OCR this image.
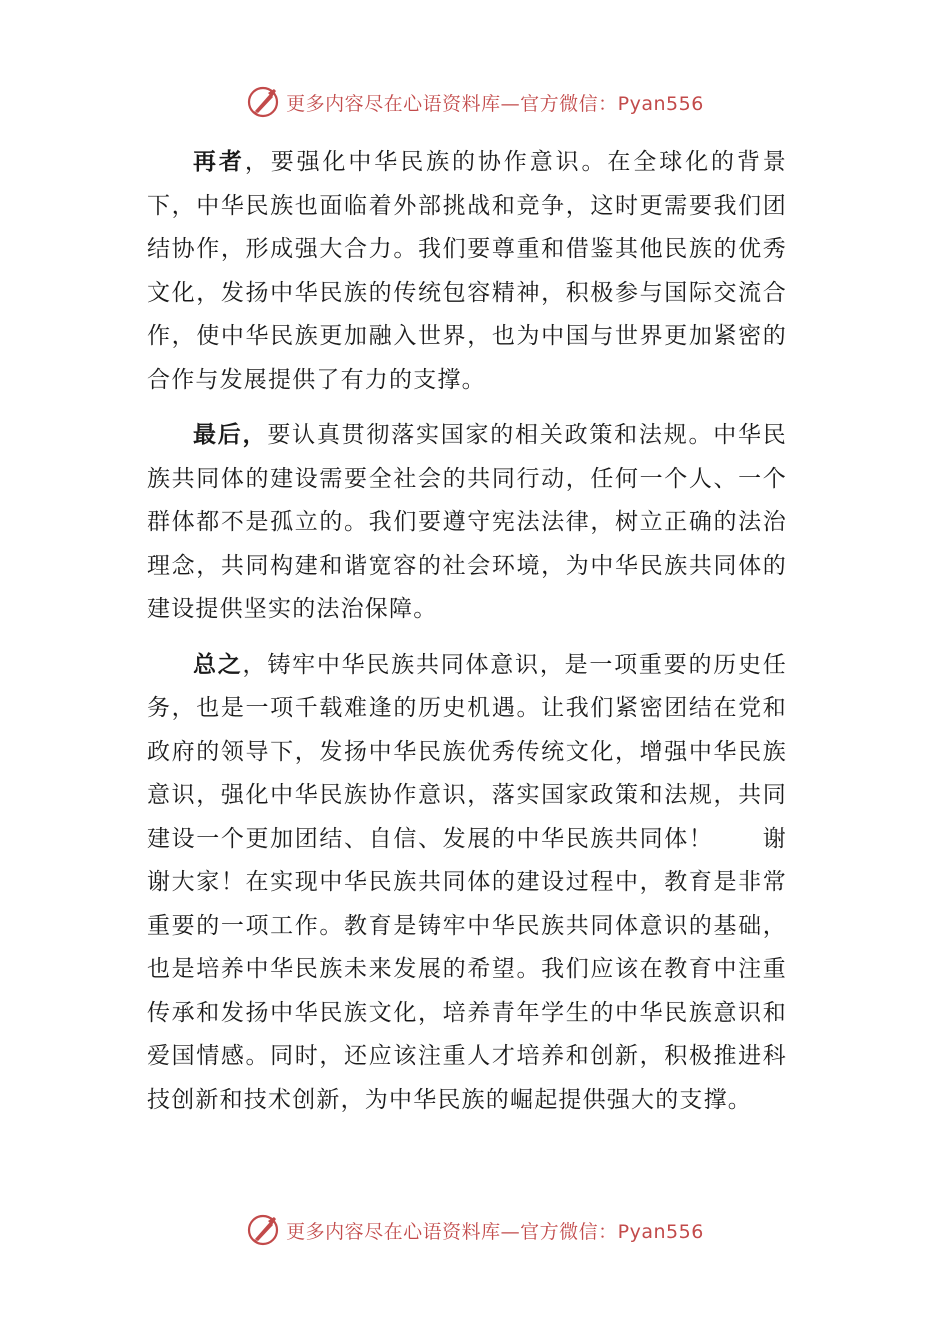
更多内容尽在心语资料库—官方微信：Pyan556

再者，要强化中华民族的协作意识。在全球化的背景下，中华民族也面临着外部挑战和竞争，这时更需要我们团结协作，形成强大合力。我们要尊重和借鉴其他民族的优秀文化，发扬中华民族的传统包容精神，积极参与国际交流合作，使中华民族更加融入世界，也为中国与世界更加紧密的合作与发展提供了有力的支撑。

最后，要认真贯彻落实国家的相关政策和法规。中华民族共同体的建设需要全社会的共同行动，任何一个人、一个群体都不是孤立的。我们要遵守宪法法律，树立正确的法治理念，共同构建和谐宽容的社会环境，为中华民族共同体的建设提供坚实的法治保障。

总之，铸牢中华民族共同体意识，是一项重要的历史任务，也是一项千载难逢的历史机遇。让我们紧密团结在党和政府的领导下，发扬中华民族优秀传统文化，增强中华民族意识，强化中华民族协作意识，落实国家政策和法规，共同建设一个更加团结、自信、发展的中华民族共同体！　　谢谢大家！在实现中华民族共同体的建设过程中，教育是非常重要的一项工作。教育是铸牢中华民族共同体意识的基础，也是培养中华民族未来发展的希望。我们应该在教育中注重传承和发扬中华民族文化，培养青年学生的中华民族意识和爱国情感。同时，还应该注重人才培养和创新，积极推进科技创新和技术创新，为中华民族的崛起提供强大的支撑。

更多内容尽在心语资料库—官方微信：Pyan556
